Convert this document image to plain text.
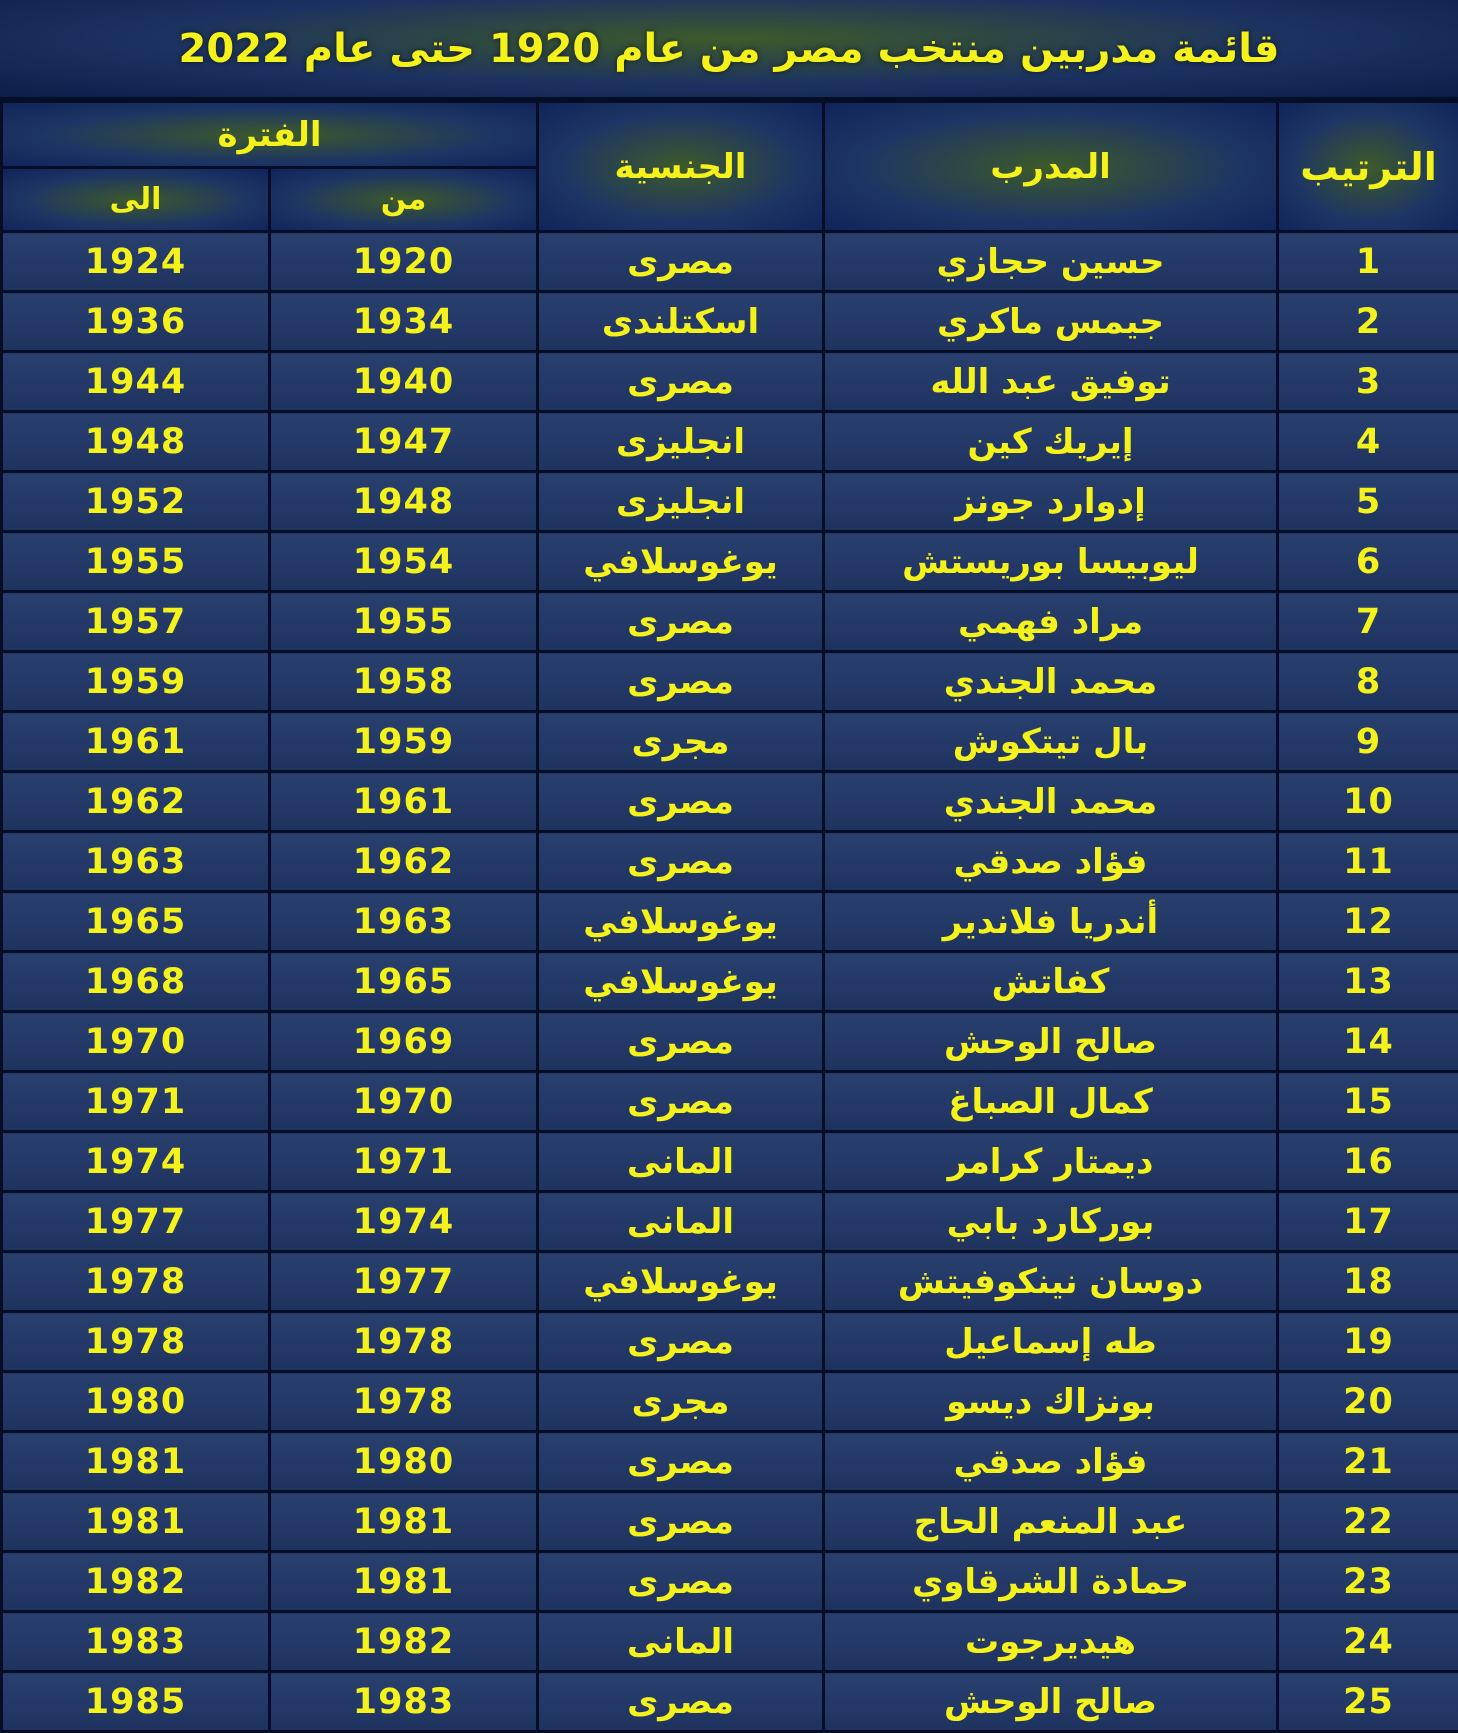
قائمة مدربين منتخب مصر من عام 1920 حتى عام 2022
الفترة		الجنسية	المدرب	الترتيب
الى	من			
1924	1920	مصرى	حسين حجازي	1
1936	1934	اسكتلندى	جيمس ماكري	2
1944	1940	مصرى	توفيق عبد الله	3
1948	1947	انجليزى	إيريك كين	4
1952	1948	انجليزى	إدوارد جونز	5
1955	1954	يوغوسلافي	ليوبيسا بوريستش	6
1957	1955	مصرى	مراد فهمي	7
1959	1958	مصرى	محمد الجندي	8
1961	1959	مجرى	بال تيتكوش	9
1962	1961	مصرى	محمد الجندي	10
1963	1962	مصرى	فؤاد صدقي	11
1965	1963	يوغوسلافي	أندريا فلاندير	12
1968	1965	يوغوسلافي	كفاتش	13
1970	1969	مصرى	صالح الوحش	14
1971	1970	مصرى	كمال الصباغ	15
1974	1971	المانى	ديمتار كرامر	16
1977	1974	المانى	بوركارد بابي	17
1978	1977	يوغوسلافي	دوسان نينكوفيتش	18
1978	1978	مصرى	طه إسماعيل	19
1980	1978	مجرى	بونزاك ديسو	20
1981	1980	مصرى	فؤاد صدقي	21
1981	1981	مصرى	عبد المنعم الحاج	22
1982	1981	مصرى	حمادة الشرقاوي	23
1983	1982	المانى	هيديرجوت	24
1985	1983	مصرى	صالح الوحش	25
